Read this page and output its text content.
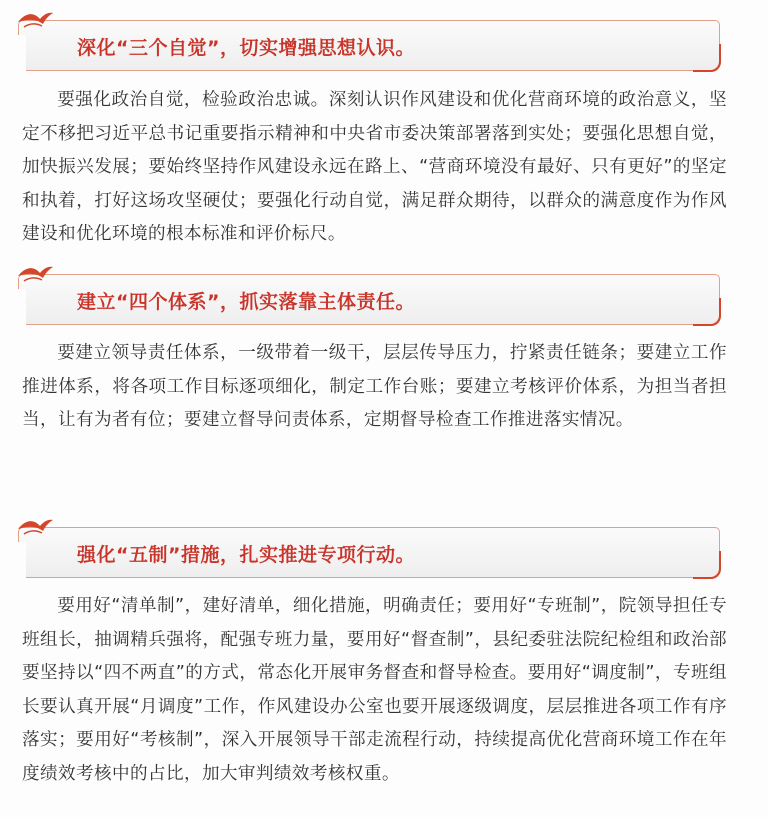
深化“三个自觉”，切实增强思想认识。

要强化政治自觉，检验政治忠诚。深刻认识作风建设和优化营商环境的政治意义，坚定不移把习近平总书记重要指示精神和中央省市委决策部署落到实处；要强化思想自觉，加快振兴发展；要始终坚持作风建设永远在路上、“营商环境没有最好、只有更好”的坚定和执着，打好这场攻坚硬仗；要强化行动自觉，满足群众期待，以群众的满意度作为作风建设和优化环境的根本标准和评价标尺。

建立“四个体系”，抓实落靠主体责任。

要建立领导责任体系，一级带着一级干，层层传导压力，拧紧责任链条；要建立工作推进体系，将各项工作目标逐项细化，制定工作台账；要建立考核评价体系，为担当者担当，让有为者有位；要建立督导问责体系，定期督导检查工作推进落实情况。

强化“五制”措施，扎实推进专项行动。

要用好“清单制”，建好清单，细化措施，明确责任；要用好“专班制”，院领导担任专班组长，抽调精兵强将，配强专班力量，要用好“督查制”，县纪委驻法院纪检组和政治部要坚持以“四不两直”的方式，常态化开展审务督查和督导检查。要用好“调度制”，专班组长要认真开展“月调度”工作，作风建设办公室也要开展逐级调度，层层推进各项工作有序落实；要用好“考核制”，深入开展领导干部走流程行动，持续提高优化营商环境工作在年度绩效考核中的占比，加大审判绩效考核权重。
